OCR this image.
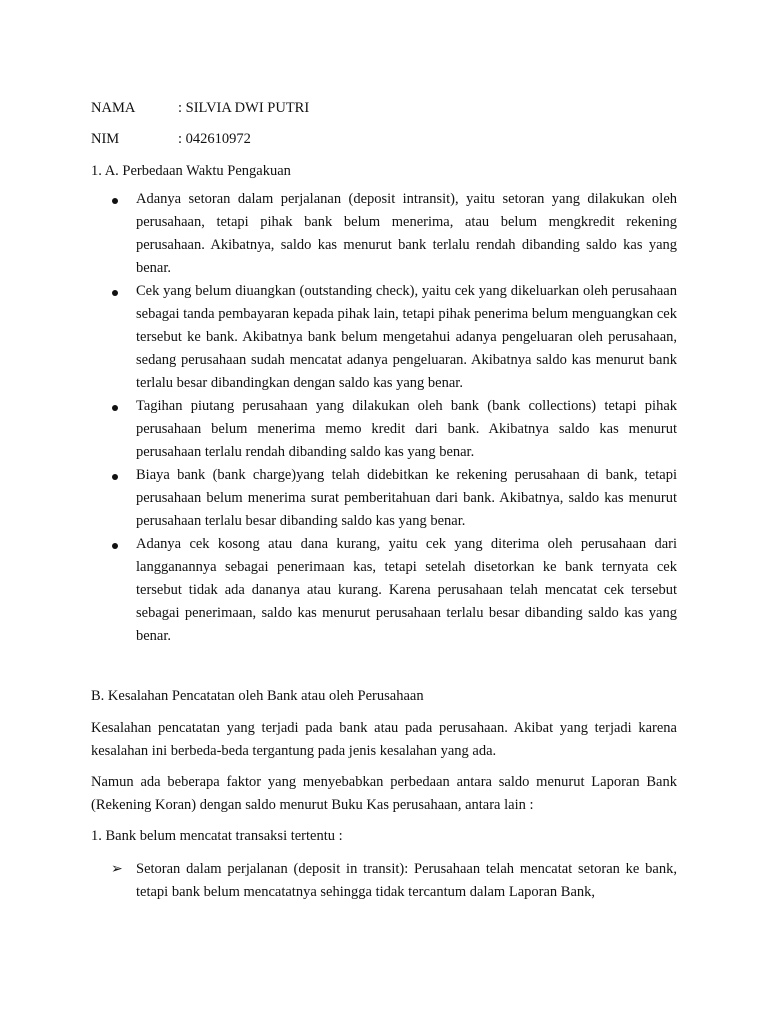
NAMA	: SILVIA DWI PUTRI
NIM	: 042610972
1. A. Perbedaan Waktu Pengakuan
Adanya setoran dalam perjalanan (deposit intransit), yaitu setoran yang dilakukan oleh perusahaan, tetapi pihak bank belum menerima, atau belum mengkredit rekening perusahaan. Akibatnya, saldo kas menurut bank terlalu rendah dibanding saldo kas yang benar.
Cek yang belum diuangkan (outstanding check), yaitu cek yang dikeluarkan oleh perusahaan sebagai tanda pembayaran kepada pihak lain, tetapi pihak penerima belum menguangkan cek tersebut ke bank. Akibatnya bank belum mengetahui adanya pengeluaran oleh perusahaan, sedang perusahaan sudah mencatat adanya pengeluaran. Akibatnya saldo kas menurut bank terlalu besar dibandingkan dengan saldo kas yang benar.
Tagihan piutang perusahaan yang dilakukan oleh bank (bank collections) tetapi pihak perusahaan belum menerima memo kredit dari bank. Akibatnya saldo kas menurut perusahaan terlalu rendah dibanding saldo kas yang benar.
Biaya bank (bank charge)yang telah didebitkan ke rekening perusahaan di bank, tetapi perusahaan belum menerima surat pemberitahuan dari bank. Akibatnya, saldo kas menurut perusahaan terlalu besar dibanding saldo kas yang benar.
Adanya cek kosong atau dana kurang, yaitu cek yang diterima oleh perusahaan dari langganannya sebagai penerimaan kas, tetapi setelah disetorkan ke bank ternyata cek tersebut tidak ada dananya atau kurang. Karena perusahaan telah mencatat cek tersebut sebagai penerimaan, saldo kas menurut perusahaan terlalu besar dibanding saldo kas yang benar.
B. Kesalahan Pencatatan oleh Bank atau oleh Perusahaan
Kesalahan pencatatan yang terjadi pada bank atau pada perusahaan. Akibat yang terjadi karena kesalahan ini berbeda-beda tergantung pada jenis kesalahan yang ada.
Namun ada beberapa faktor yang menyebabkan perbedaan antara saldo menurut Laporan Bank (Rekening Koran) dengan saldo menurut Buku Kas perusahaan, antara lain :
1. Bank belum mencatat transaksi tertentu :
➢ Setoran dalam perjalanan (deposit in transit): Perusahaan telah mencatat setoran ke bank, tetapi bank belum mencatatnya sehingga tidak tercantum dalam Laporan Bank,
